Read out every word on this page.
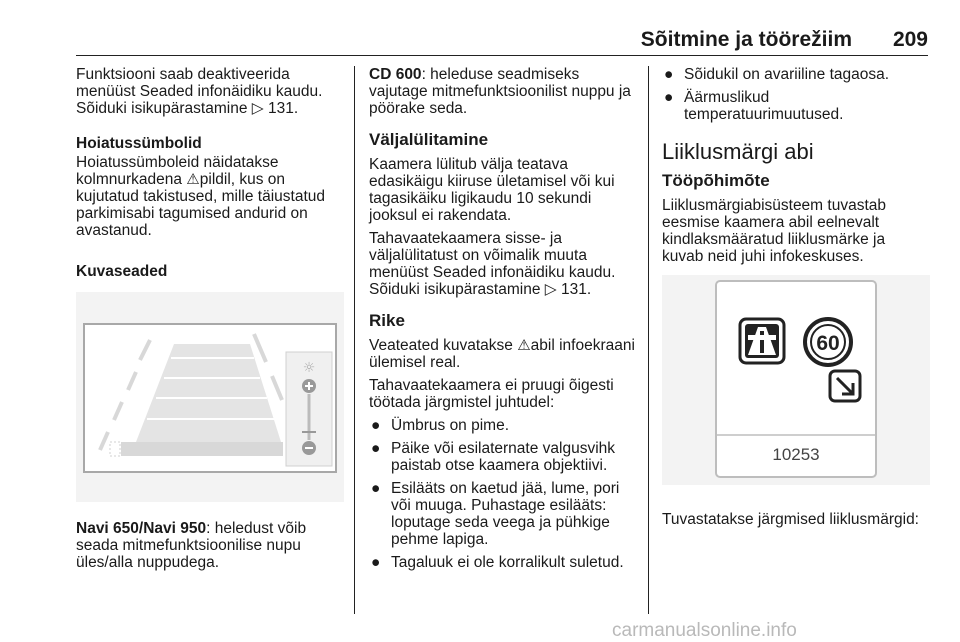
Sõitmine ja töörežiim 209

Funktsiooni saab deaktiveerida menüüst Seaded infonäidiku kaudu. Sõiduki isikupärastamine ▷ 131.

Hoiatussümbolid

Hoiatussümboleid näidatakse kolmnurkadena ⚠pildil, kus on kujutatud takistused, mille täiustatud parkimisabi tagumised andurid on avastanud.

Kuvaseaded

☼

Navi 650/Navi 950: heledust võib seada mitmefunktsioonilise nupu üles/alla nuppudega.

CD 600: heleduse seadmiseks vajutage mitmefunktsioonilist nuppu ja pöörake seda.

Väljalülitamine

Kaamera lülitub välja teatava edasikäigu kiiruse ületamisel või kui tagasikäiku ligikaudu 10 sekundi jooksul ei rakendata.

Tahavaatekaamera sisse- ja väljalülitatust on võimalik muuta menüüst Seaded infonäidiku kaudu. Sõiduki isikupärastamine ▷ 131.

Rike

Veateated kuvatakse ⚠abil infoekraani ülemisel real.

Tahavaatekaamera ei pruugi õigesti töötada järgmistel juhtudel:

● Ümbrus on pime.
● Päike või esilaternate valgusvihk paistab otse kaamera objektiivi.
● Esilääts on kaetud jää, lume, pori või muuga. Puhastage esilääts: loputage seda veega ja pühkige pehme lapiga.
● Tagaluuk ei ole korralikult suletud.
● Sõidukil on avariiline tagaosa.
● Äärmuslikud temperatuurimuutused.

Liiklusmärgi abi

Tööpõhimõte

Liiklusmärgiabisüsteem tuvastab eesmise kaamera abil eelnevalt kindlaksmääratud liiklusmärke ja kuvab neid juhi infokeskuses.

60
10253

Tuvastatakse järgmised liiklusmärgid:

carmanualsonline.info
